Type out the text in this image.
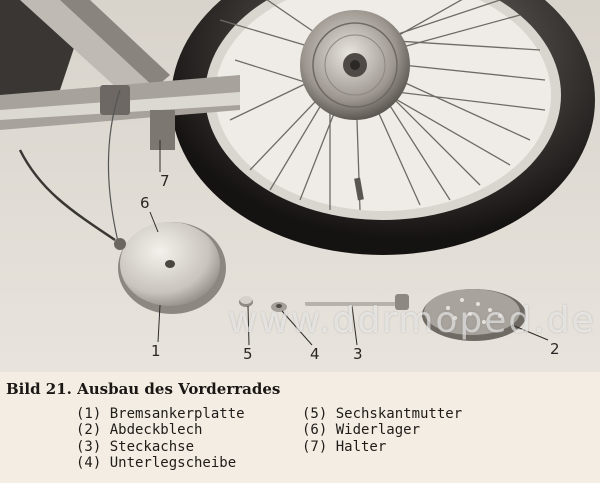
7
6
1	5	4 3	2
www.ddrmoped.de
Bild 21. Ausbau des Vorderrades
(1) Bremsankerplatte
(2) Abdeckblech
(3) Steckachse
(4) Unterlegscheibe
(5) Sechskantmutter
(6) Widerlager
(7) Halter
